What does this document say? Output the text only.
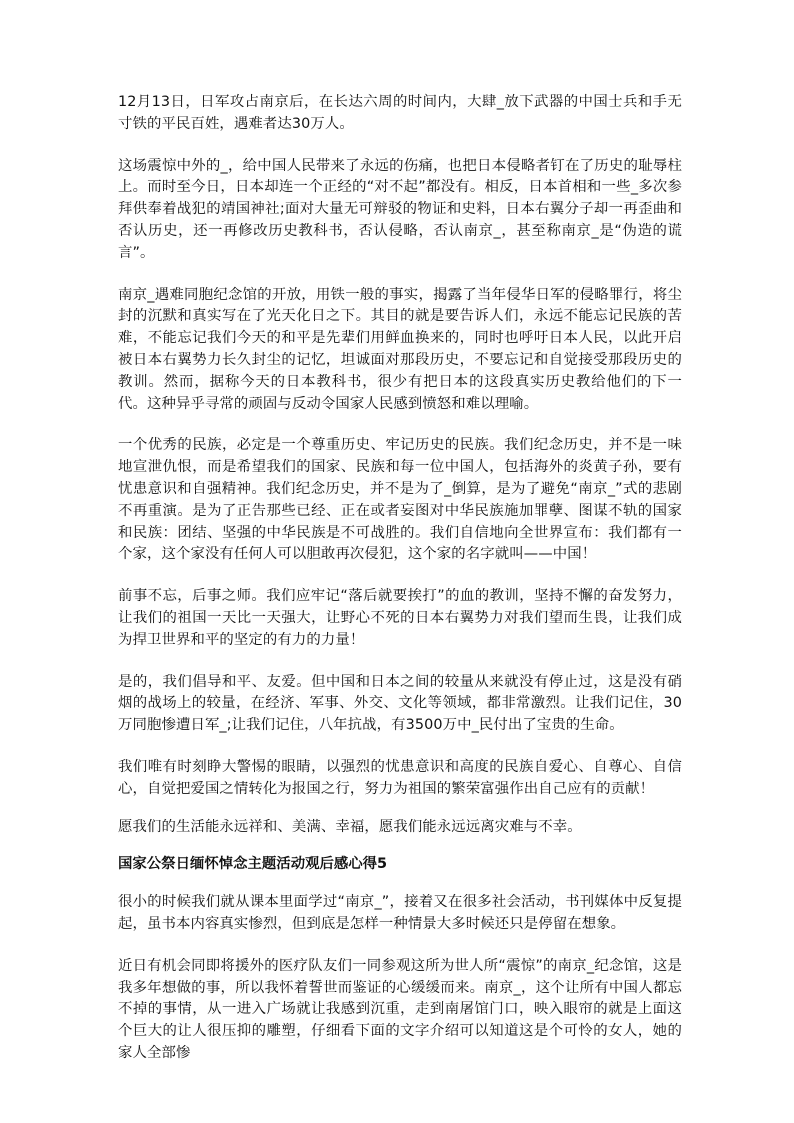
12月13日，日军攻占南京后，在长达六周的时间内，大肆_放下武器的中国士兵和手无寸铁的平民百姓，遇难者达30万人。

这场震惊中外的_，给中国人民带来了永远的伤痛，也把日本侵略者钉在了历史的耻辱柱上。而时至今日，日本却连一个正经的“对不起”都没有。相反，日本首相和一些_多次参拜供奉着战犯的靖国神社;面对大量无可辩驳的物证和史料，日本右翼分子却一再歪曲和否认历史，还一再修改历史教科书，否认侵略，否认南京_，甚至称南京_是“伪造的谎言”。

南京_遇难同胞纪念馆的开放，用铁一般的事实，揭露了当年侵华日军的侵略罪行，将尘封的沉默和真实写在了光天化日之下。其目的就是要告诉人们，永远不能忘记民族的苦难，不能忘记我们今天的和平是先辈们用鲜血换来的，同时也呼吁日本人民，以此开启被日本右翼势力长久封尘的记忆，坦诚面对那段历史，不要忘记和自觉接受那段历史的教训。然而，据称今天的日本教科书，很少有把日本的这段真实历史教给他们的下一代。这种异乎寻常的顽固与反动令国家人民感到愤怒和难以理喻。

一个优秀的民族，必定是一个尊重历史、牢记历史的民族。我们纪念历史，并不是一味地宣泄仇恨，而是希望我们的国家、民族和每一位中国人，包括海外的炎黄子孙，要有忧患意识和自强精神。我们纪念历史，并不是为了_倒算，是为了避免“南京_”式的悲剧不再重演。是为了正告那些已经、正在或者妄图对中华民族施加罪孽、图谋不轨的国家和民族：团结、坚强的中华民族是不可战胜的。我们自信地向全世界宣布：我们都有一个家，这个家没有任何人可以胆敢再次侵犯，这个家的名字就叫——中国！

前事不忘，后事之师。我们应牢记“落后就要挨打”的血的教训，坚持不懈的奋发努力，让我们的祖国一天比一天强大，让野心不死的日本右翼势力对我们望而生畏，让我们成为捍卫世界和平的坚定的有力的力量！

是的，我们倡导和平、友爱。但中国和日本之间的较量从来就没有停止过，这是没有硝烟的战场上的较量，在经济、军事、外交、文化等领域，都非常激烈。让我们记住，30万同胞惨遭日军_;让我们记住，八年抗战，有3500万中_民付出了宝贵的生命。

我们唯有时刻睁大警惕的眼睛，以强烈的忧患意识和高度的民族自爱心、自尊心、自信心，自觉把爱国之情转化为报国之行，努力为祖国的繁荣富强作出自己应有的贡献！

愿我们的生活能永远祥和、美满、幸福，愿我们能永远远离灾难与不幸。

国家公祭日缅怀悼念主题活动观后感心得5

很小的时候我们就从课本里面学过“南京_”，接着又在很多社会活动，书刊媒体中反复提起，虽书本内容真实惨烈，但到底是怎样一种情景大多时候还只是停留在想象。

近日有机会同即将援外的医疗队友们一同参观这所为世人所“震惊”的南京_纪念馆，这是我多年想做的事，所以我怀着誓世而鉴证的心缓缓而来。南京_，这个让所有中国人都忘不掉的事情，从一进入广场就让我感到沉重，走到南屠馆门口，映入眼帘的就是上面这个巨大的让人很压抑的雕塑，仔细看下面的文字介绍可以知道这是个可怜的女人，她的家人全部惨
